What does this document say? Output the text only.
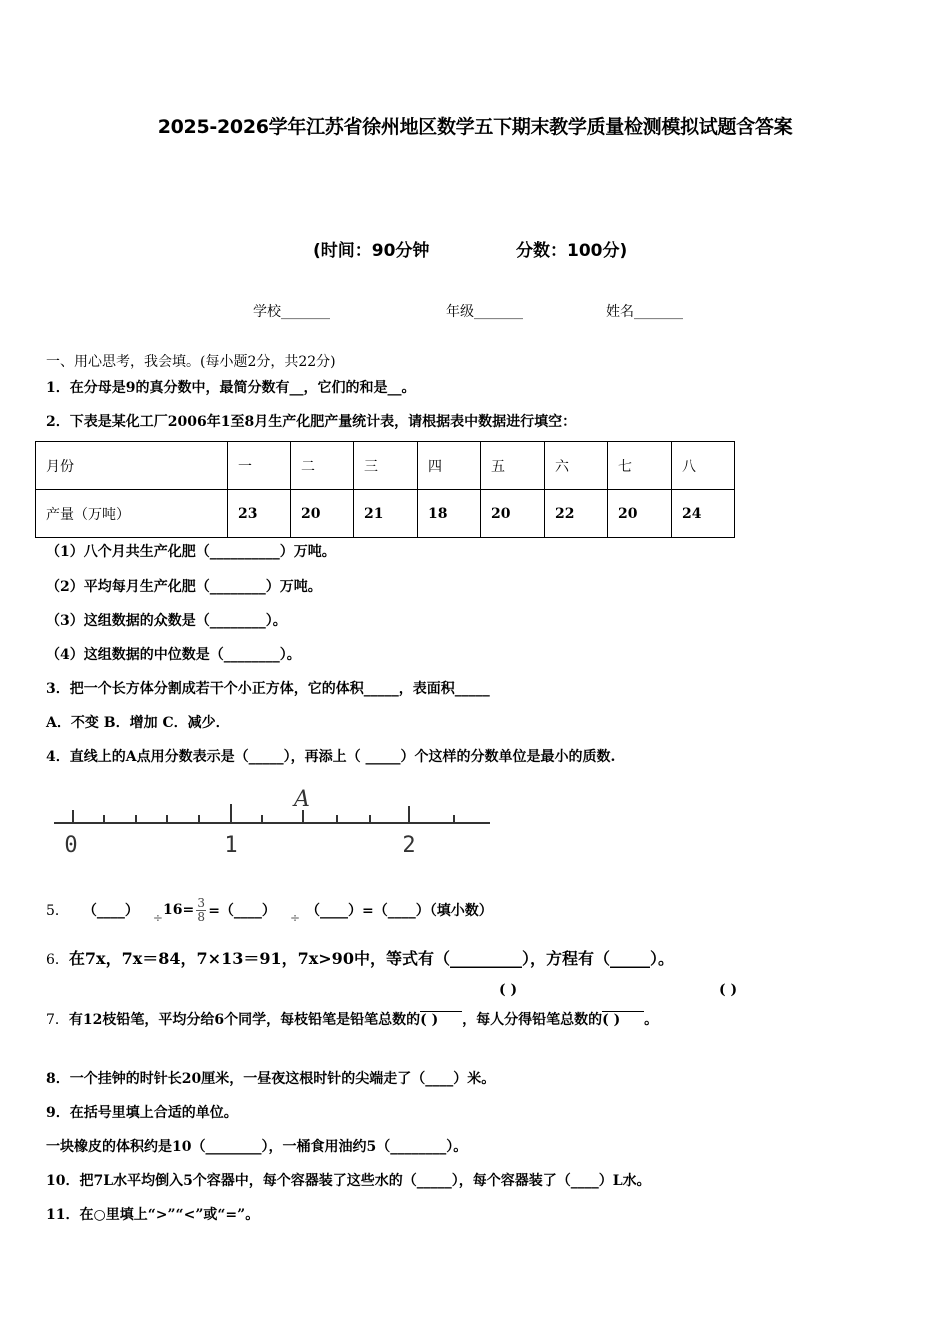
2025-2026学年江苏省徐州地区数学五下期末教学质量检测模拟试题含答案
(时间：90分钟	分数：100分)
学校_______	年级_______	姓名_______
一、用心思考，我会填。(每小题2分，共22分)
1．在分母是9的真分数中，最简分数有__，它们的和是__。
2．下表是某化工厂2006年1至8月生产化肥产量统计表，请根据表中数据进行填空：
月份	一	二	三	四	五	六	七	八
产量（万吨）	23	20	21	18	20	22	20	24
（1）八个月共生产化肥（__________）万吨。
（2）平均每月生产化肥（________）万吨。
（3）这组数据的众数是（________）。
（4）这组数据的中位数是（________）。
3．把一个长方体分割成若干个小正方体，它的体积_____，表面积_____
A．不变 B．增加 C．减少．
4．直线上的A点用分数表示是（_____），再添上（ _____）个这样的分数单位是最小的质数.
A
0	1	2
5． （____） ÷ $16= \frac{3}{8}$ =（____） ÷ （____）=（____）（填小数）
6．在7x，7x＝84，7×13＝91，7x>90中，等式有（_________），方程有（_____）。
( )	( )
7．有12枝铅笔，平均分给6个同学，每枝铅笔是铅笔总数的( ) ，每人分得铅笔总数的( ) 。
8．一个挂钟的时针长20厘米，一昼夜这根时针的尖端走了（____）米。
9．在括号里填上合适的单位。
一块橡皮的体积约是10（________），一桶食用油约5（________）。
10．把7L水平均倒入5个容器中，每个容器装了这些水的（_____），每个容器装了（____）L水。
11．在○里填上“>”“<”或“=”。
